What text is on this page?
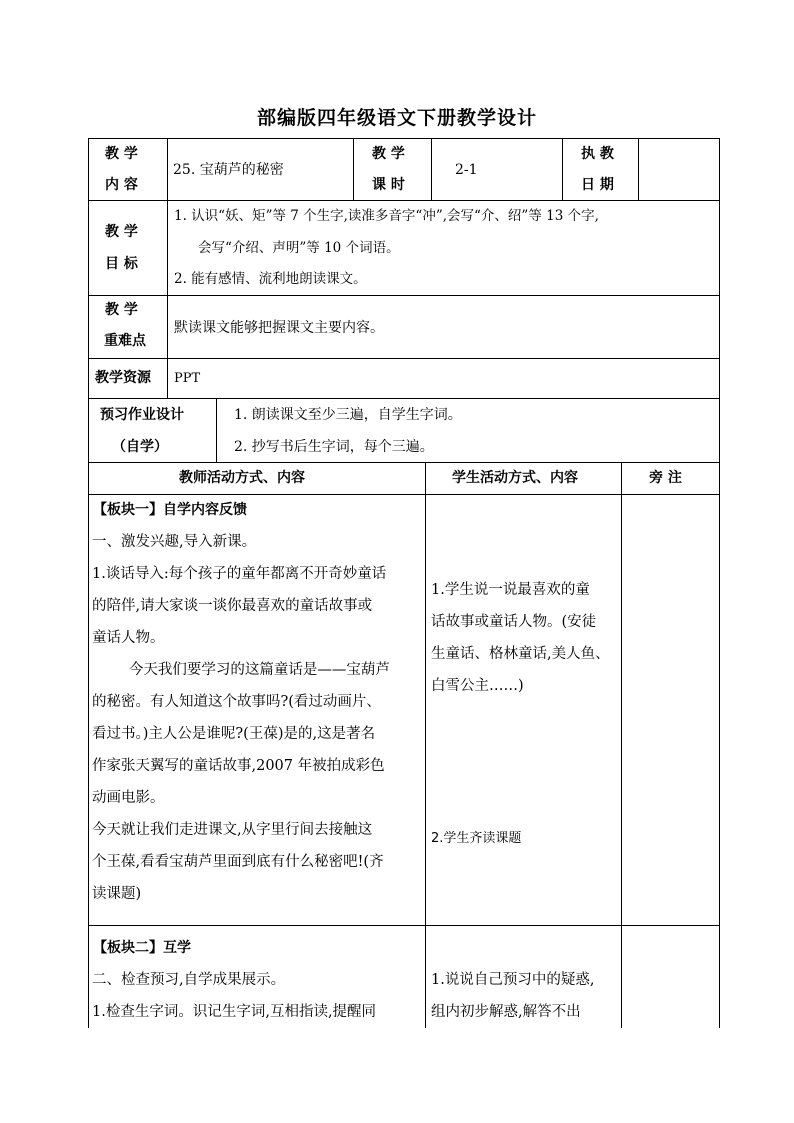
部编版四年级语文下册教学设计
教 学
内 容
25. 宝葫芦的秘密
教 学
课 时
2-1
执 教
日 期
教 学
目 标
1. 认识“妖、矩”等 7 个生字,读准多音字“冲”,会写“介、绍”等 13 个字,
会写“介绍、声明”等 10 个词语。
2. 能有感情、流利地朗读课文。
教 学
重难点
默读课文能够把握课文主要内容。
教学资源 PPT
预习作业设计
（自学）
1. 朗读课文至少三遍，自学生字词。
2. 抄写书后生字词，每个三遍。
教师活动方式、内容	学生活动方式、内容	旁 注
【板块一】自学内容反馈
一、激发兴趣,导入新课。
1.谈话导入:每个孩子的童年都离不开奇妙童话
的陪伴,请大家谈一谈你最喜欢的童话故事或
童话人物。
今天我们要学习的这篇童话是——宝葫芦
的秘密。有人知道这个故事吗?(看过动画片、
看过书。)主人公是谁呢?(王葆)是的,这是著名
作家张天翼写的童话故事,2007 年被拍成彩色
动画电影。
今天就让我们走进课文,从字里行间去接触这
个王葆,看看宝葫芦里面到底有什么秘密吧!(齐
读课题)
1.学生说一说最喜欢的童
话故事或童话人物。(安徒
生童话、格林童话,美人鱼、
白雪公主……)
2.学生齐读课题
【板块二】互学
二、检查预习,自学成果展示。
1.检查生字词。识记生字词,互相指读,提醒同
1.说说自己预习中的疑惑,
组内初步解惑,解答不出
